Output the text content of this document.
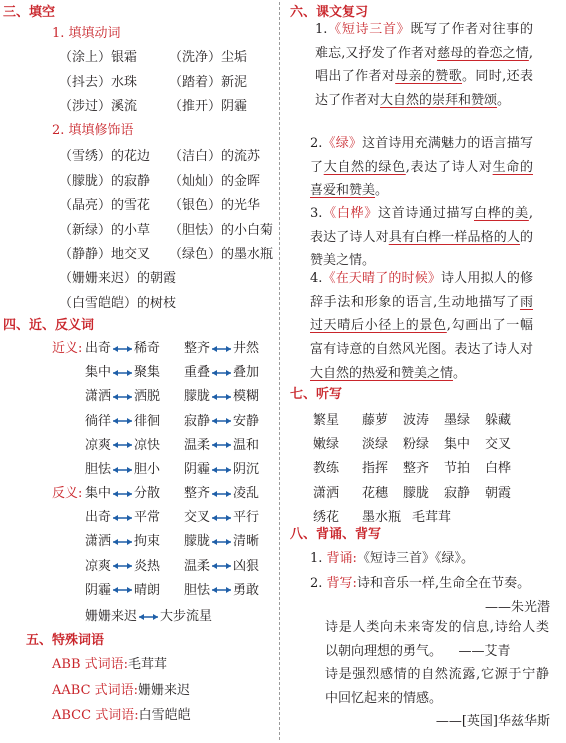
三、填空
1. 填填动词
（涂上）银霜 （洗净）尘垢
（抖去）水珠 （踏着）新泥
（涉过）溪流 （推开）阴霾
2. 填填修饰语
（雪绣）的花边 （洁白）的流苏
（朦胧）的寂静 （灿灿）的金晖
（晶亮）的雪花 （银色）的光华
（新绿）的小草 （胆怯）的小白菊
（静静）地交叉 （绿色）的墨水瓶
（姗姗来迟）的朝霞
（白雪皑皑）的树枝
四、近、反义词
近义:
反义:
出奇 稀奇 整齐 井然
集中 聚集 重叠 叠加
潇洒 洒脱 朦胧 模糊
徜徉 徘徊 寂静 安静
凉爽 凉快 温柔 温和
胆怯 胆小 阴霾 阴沉
集中 分散 整齐 凌乱
出奇 平常 交叉 平行
潇洒 拘束 朦胧 清晰
凉爽 炎热 温柔 凶狠
阴霾 晴朗 胆怯 勇敢
姗姗来迟 大步流星
五、特殊词语
ABB 式词语:毛茸茸
AABC 式词语:姗姗来迟
ABCC 式词语:白雪皑皑
六、课文复习
1.《短诗三首》既写了作者对往事的难忘,又抒发了作者对慈母的眷恋之情,唱出了作者对母亲的赞歌。同时,还表达了作者对大自然的崇拜和赞颂。
2.《绿》这首诗用充满魅力的语言描写了大自然的绿色,表达了诗人对生命的喜爱和赞美。
3.《白桦》这首诗通过描写白桦的美,表达了诗人对具有白桦一样品格的人的赞美之情。
4.《在天晴了的时候》诗人用拟人的修辞手法和形象的语言,生动地描写了雨过天晴后小径上的景色,勾画出了一幅富有诗意的自然风光图。表达了诗人对大自然的热爱和赞美之情。
七、听写
繁星 藤萝 波涛 墨绿 躲藏
嫩绿 淡绿 粉绿 集中 交叉
教练 指挥 整齐 节拍 白桦
潇洒 花穗 朦胧 寂静 朝霞
绣花 墨水瓶 毛茸茸
八、背诵、背写
1. 背诵:《短诗三首》《绿》。
2. 背写:诗和音乐一样,生命全在节奏。
——朱光潜
诗是人类向未来寄发的信息,诗给人类以朝向理想的勇气。 ——艾青
诗是强烈感情的自然流露,它源于宁静中回忆起来的情感。
——[英国]华兹华斯
